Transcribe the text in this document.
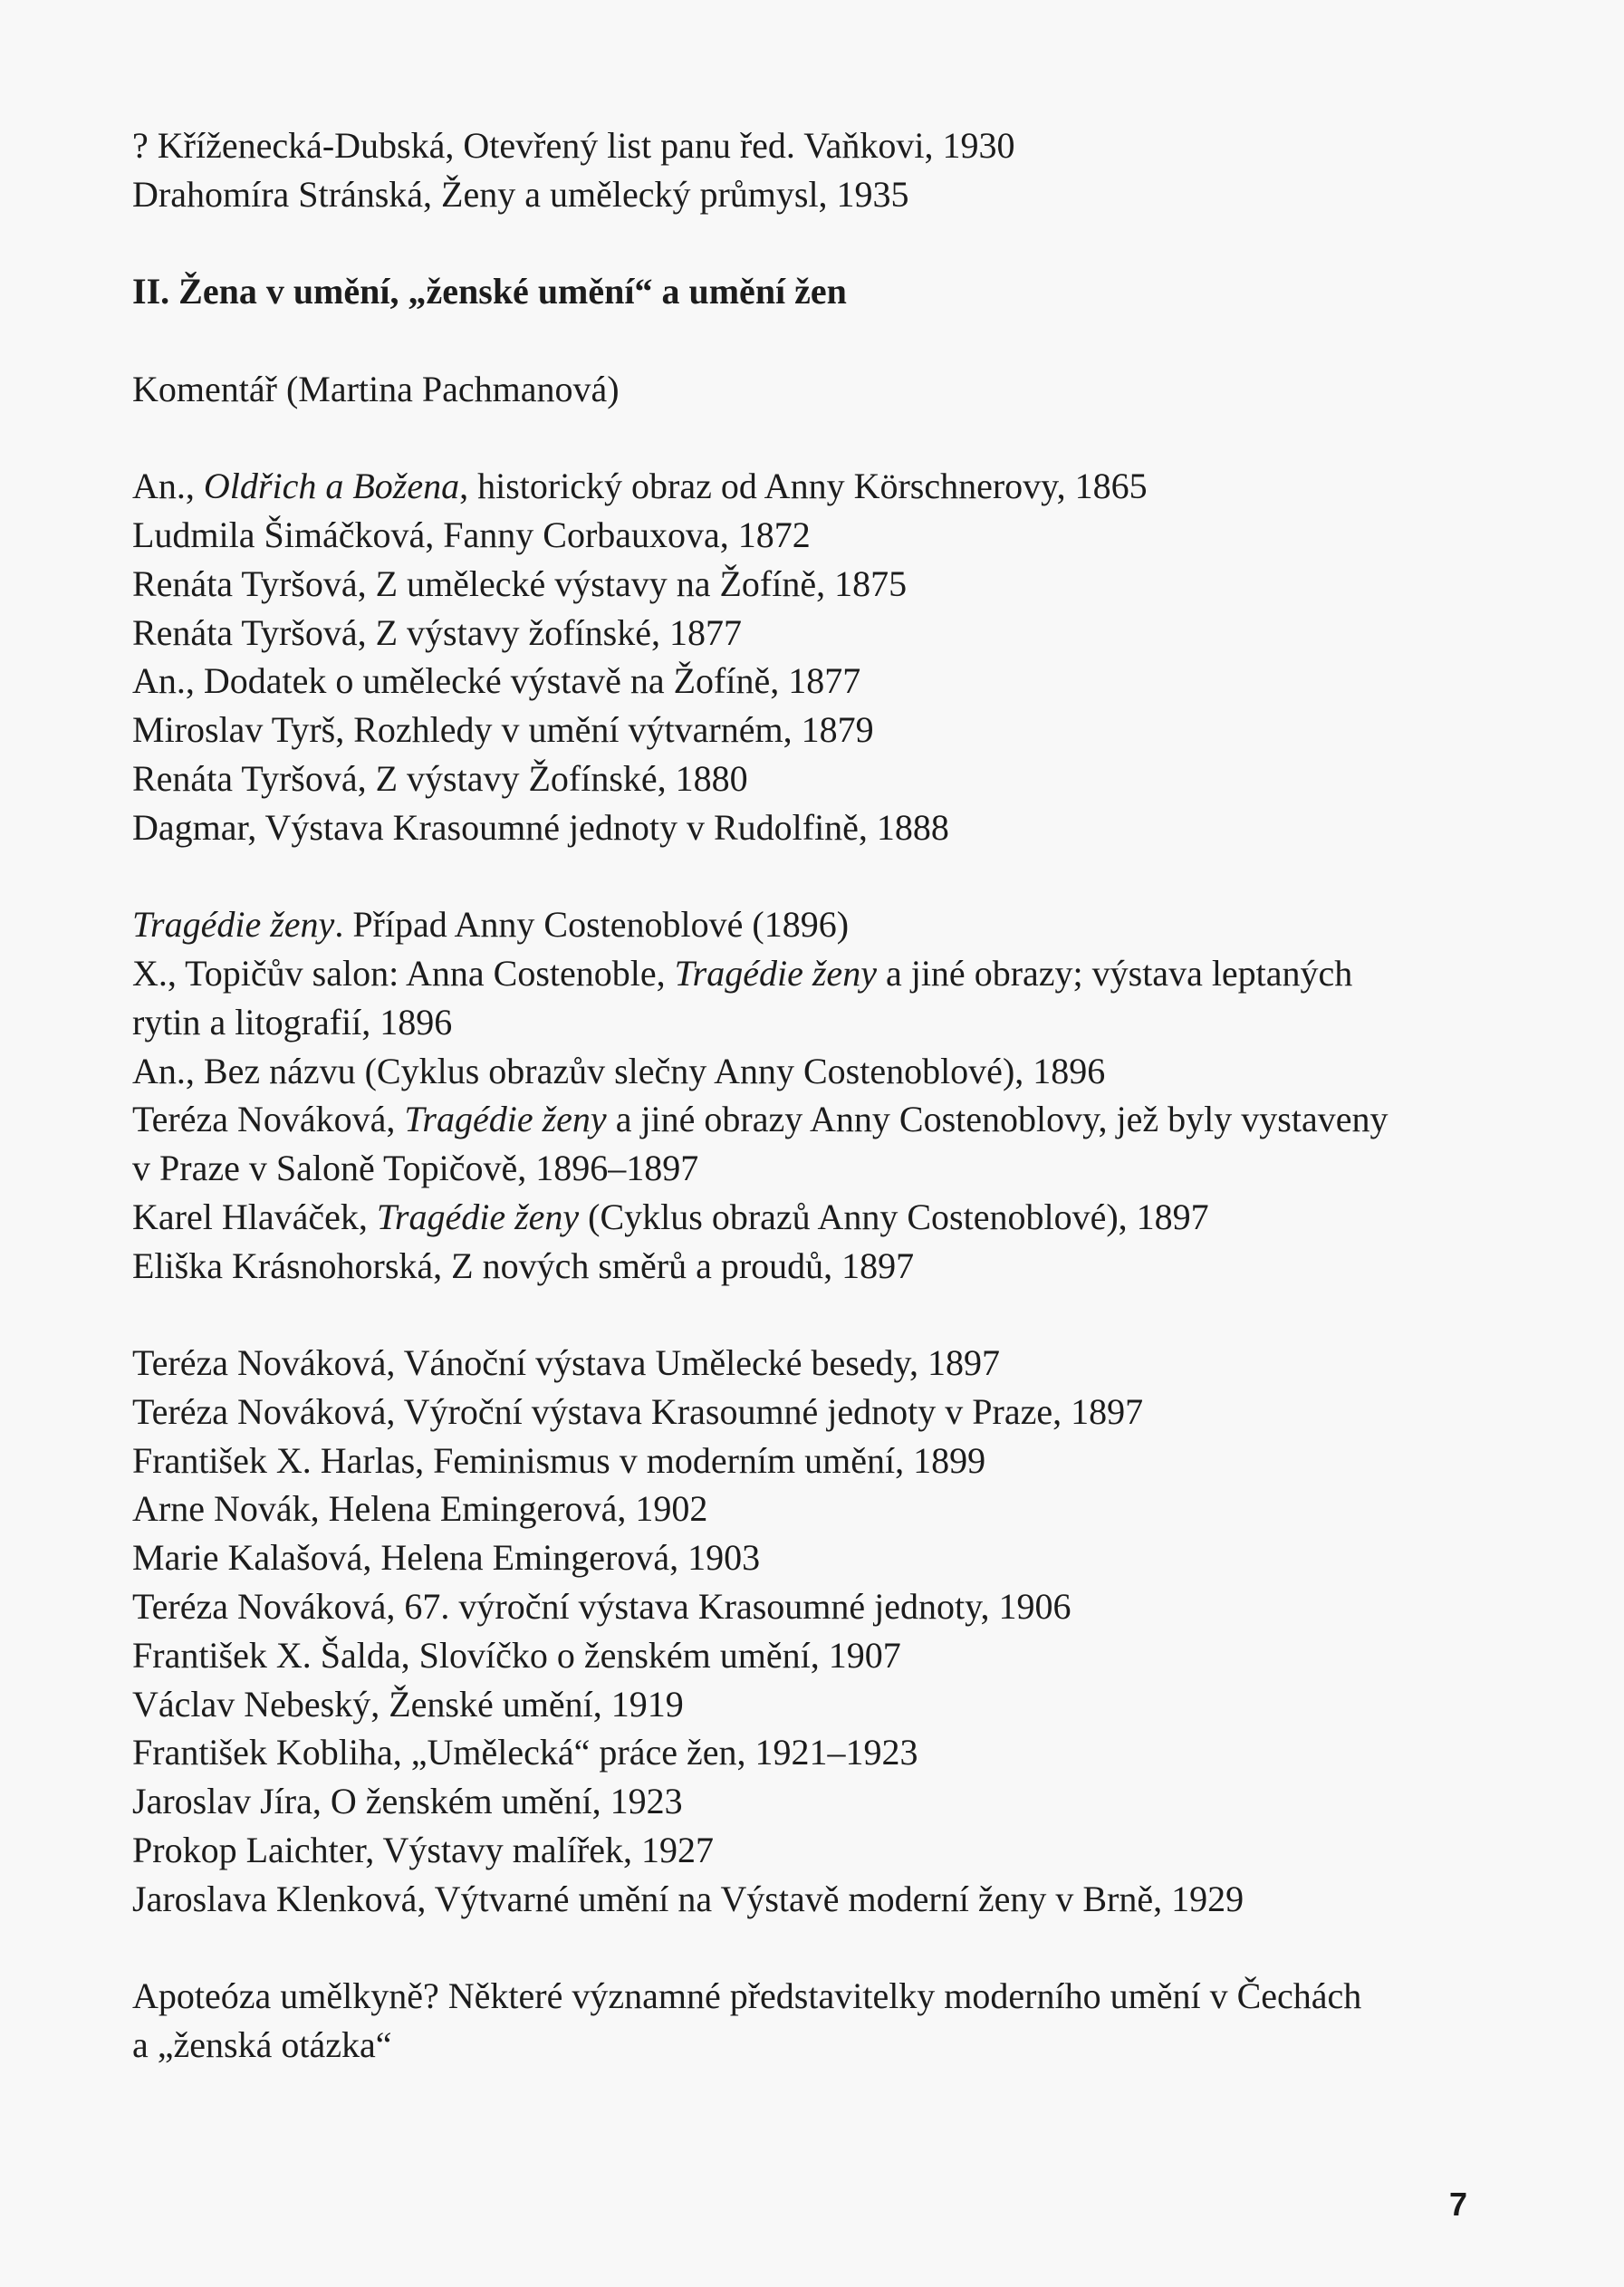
? Kříženecká-Dubská, Otevřený list panu řed. Vaňkovi, 1930
Drahomíra Stránská, Ženy a umělecký průmysl, 1935
II. Žena v umění, „ženské umění“ a umění žen
Komentář (Martina Pachmanová)
An., Oldřich a Božena, historický obraz od Anny Körschnerovy, 1865
Ludmila Šimáčková, Fanny Corbauxova, 1872
Renáta Tyršová, Z umělecké výstavy na Žofíně, 1875
Renáta Tyršová, Z výstavy žofínské, 1877
An., Dodatek o umělecké výstavě na Žofíně, 1877
Miroslav Tyrš, Rozhledy v umění výtvarném, 1879
Renáta Tyršová, Z výstavy Žofínské, 1880
Dagmar, Výstava Krasoumné jednoty v Rudolfině, 1888
Tragédie ženy. Případ Anny Costenoblové (1896)
X., Topičův salon: Anna Costenoble, Tragédie ženy a jiné obrazy; výstava leptaných
rytin a litografií, 1896
An., Bez názvu (Cyklus obrazův slečny Anny Costenoblové), 1896
Teréza Nováková, Tragédie ženy a jiné obrazy Anny Costenoblovy, jež byly vystaveny
v Praze v Saloně Topičově, 1896–1897
Karel Hlaváček, Tragédie ženy (Cyklus obrazů Anny Costenoblové), 1897
Eliška Krásnohorská, Z nových směrů a proudů, 1897
Teréza Nováková, Vánoční výstava Umělecké besedy, 1897
Teréza Nováková, Výroční výstava Krasoumné jednoty v Praze, 1897
František X. Harlas, Feminismus v moderním umění, 1899
Arne Novák, Helena Emingerová, 1902
Marie Kalašová, Helena Emingerová, 1903
Teréza Nováková, 67. výroční výstava Krasoumné jednoty, 1906
František X. Šalda, Slovíčko o ženském umění, 1907
Václav Nebeský, Ženské umění, 1919
František Kobliha, „Umělecká“ práce žen, 1921–1923
Jaroslav Jíra, O ženském umění, 1923
Prokop Laichter, Výstavy malířek, 1927
Jaroslava Klenková, Výtvarné umění na Výstavě moderní ženy v Brně, 1929
Apoteóza umělkyně? Některé významné představitelky moderního umění v Čechách
a „ženská otázka“
7
